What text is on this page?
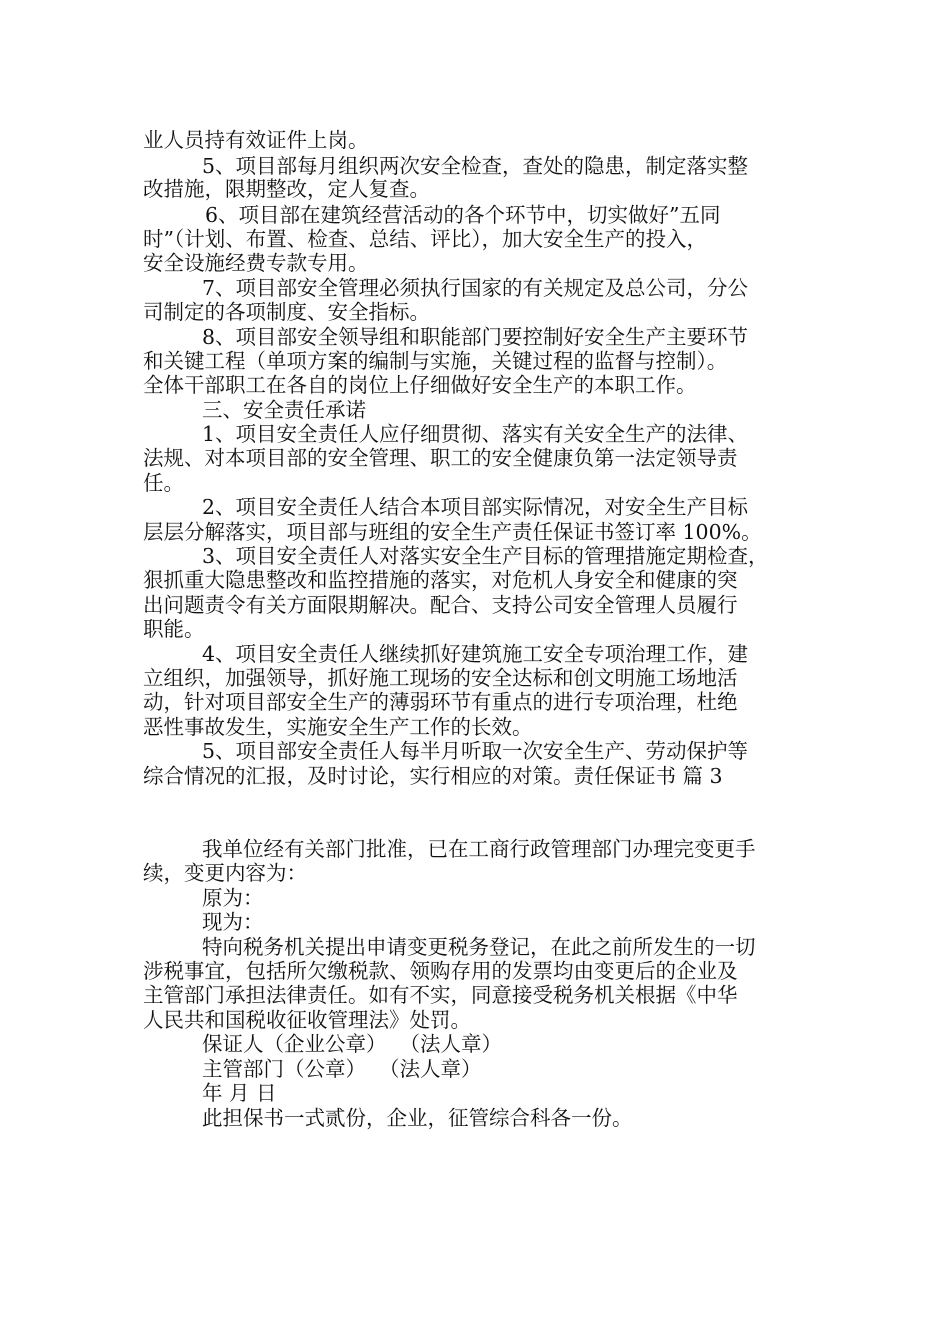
业人员持有效证件上岗。
5、项目部每月组织两次安全检查，查处的隐患，制定落实整
改措施，限期整改，定人复查。
6、项目部在建筑经营活动的各个环节中，切实做好”五同
时”（计划、布置、检查、总结、评比），加大安全生产的投入，
安全设施经费专款专用。
7、项目部安全管理必须执行国家的有关规定及总公司，分公
司制定的各项制度、安全指标。
8、项目部安全领导组和职能部门要控制好安全生产主要环节
和关键工程（单项方案的编制与实施，关键过程的监督与控制）。
全体干部职工在各自的岗位上仔细做好安全生产的本职工作。
三、安全责任承诺
1、项目安全责任人应仔细贯彻、落实有关安全生产的法律、
法规、对本项目部的安全管理、职工的安全健康负第一法定领导责
任。
2、项目安全责任人结合本项目部实际情况，对安全生产目标
层层分解落实，项目部与班组的安全生产责任保证书签订率 100%。
3、项目安全责任人对落实安全生产目标的管理措施定期检查，
狠抓重大隐患整改和监控措施的落实，对危机人身安全和健康的突
出问题责令有关方面限期解决。配合、支持公司安全管理人员履行
职能。
4、项目安全责任人继续抓好建筑施工安全专项治理工作，建
立组织，加强领导，抓好施工现场的安全达标和创文明施工场地活
动，针对项目部安全生产的薄弱环节有重点的进行专项治理，杜绝
恶性事故发生，实施安全生产工作的长效。
5、项目部安全责任人每半月听取一次安全生产、劳动保护等
综合情况的汇报，及时讨论，实行相应的对策。责任保证书 篇 3
我单位经有关部门批准，已在工商行政管理部门办理完变更手
续，变更内容为：
原为：
现为：
特向税务机关提出申请变更税务登记，在此之前所发生的一切
涉税事宜，包括所欠缴税款、领购存用的发票均由变更后的企业及
主管部门承担法律责任。如有不实，同意接受税务机关根据《中华
人民共和国税收征收管理法》处罚。
保证人（企业公章）  （法人章）
主管部门（公章）  （法人章）
年 月 日
此担保书一式贰份，企业，征管综合科各一份。
